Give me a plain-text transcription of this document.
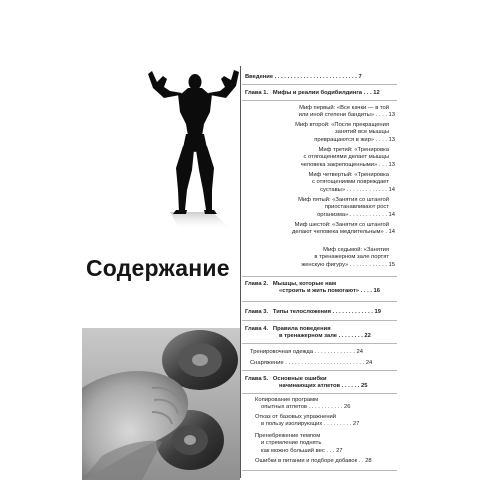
Содержание
Введение . . . . . . . . . . . . . . . . . . . . . . . . . . 7
Глава 1. Мифы и реалии бодибилдинга . . . 12
Миф первый: «Все качки — в той
или иной степени бандиты» . . . . 13
Миф второй: «После прекращения
занятий все мышцы
превращаются в жир» . . . . 13
Миф третий: «Тренировка
с отягощениями делает мышцы
человека закрепощенными» . . . 13
Миф четвертый: «Тренировка
с отягощениями повреждает
суставы» . . . . . . . . . . . . . 14
Миф пятый: «Занятия со штангой
приостанавливают рост
организма» . . . . . . . . . . . . 14
Миф шестой: «Занятия со штангой
делают человека медлительным» . 14
Миф седьмой: «Занятия
в тренажерном зале портят
женскую фигуру» . . . . . . . . . . . . 15
Глава 2. Мышцы, которые нам
«строить и жить помогают» . . . . 16
Глава 3. Типы телосложения . . . . . . . . . . . . . 19
Глава 4. Правила поведения
в тренажерном зале . . . . . . . . 22
Тренировочная одежда . . . . . . . . . . . . . 24
Снаряжение . . . . . . . . . . . . . . . . . . . . . . . . . 24
Глава 5. Основные ошибки
начинающих атлетов . . . . . . 25
Копирование программ
опытных атлетов . . . . . . . . . . . 26
Отказ от базовых упражнений
в пользу изолирующих . . . . . . . . . 27
Пренебрежение темпом
и стремление поднять
как можно больший вес . . . 27
Ошибки в питании и подборе добавок . . 28
